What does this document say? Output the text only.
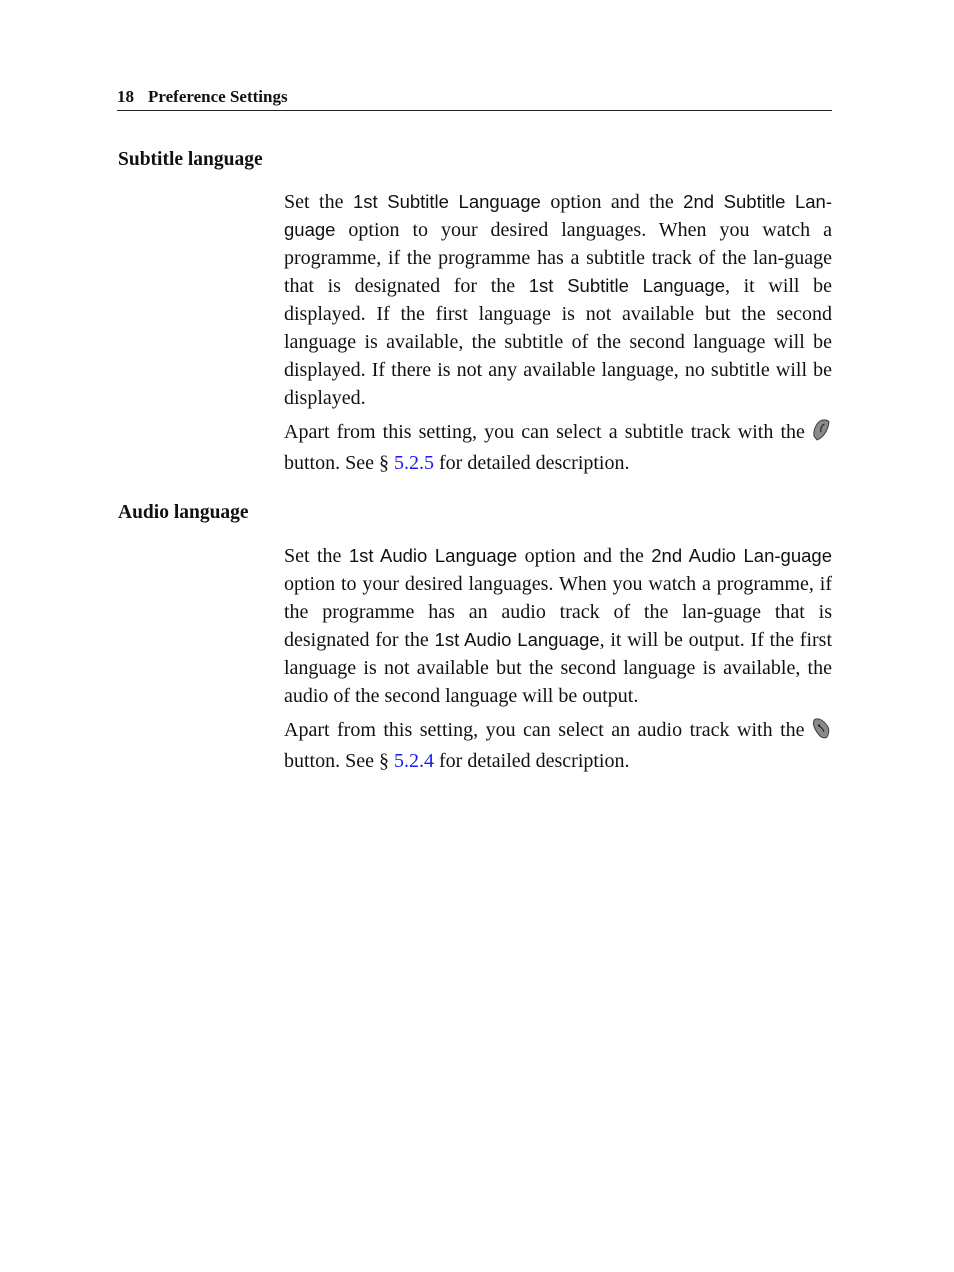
18 Preference Settings
Subtitle language

Set the 1st Subtitle Language option and the 2nd Subtitle Lan-guage option to your desired languages. When you watch a programme, if the programme has a subtitle track of the lan-guage that is designated for the 1st Subtitle Language, it will be displayed. If the first language is not available but the second language is available, the subtitle of the second language will be displayed. If there is not any available language, no subtitle will be displayed.

Apart from this setting, you can select a subtitle track with the  button. See § 5.2.5 for detailed description.

Audio language

Set the 1st Audio Language option and the 2nd Audio Lan-guage option to your desired languages. When you watch a programme, if the programme has an audio track of the lan-guage that is designated for the 1st Audio Language, it will be output. If the first language is not available but the second language is available, the audio of the second language will be output.

Apart from this setting, you can select an audio track with the  button. See § 5.2.4 for detailed description.
